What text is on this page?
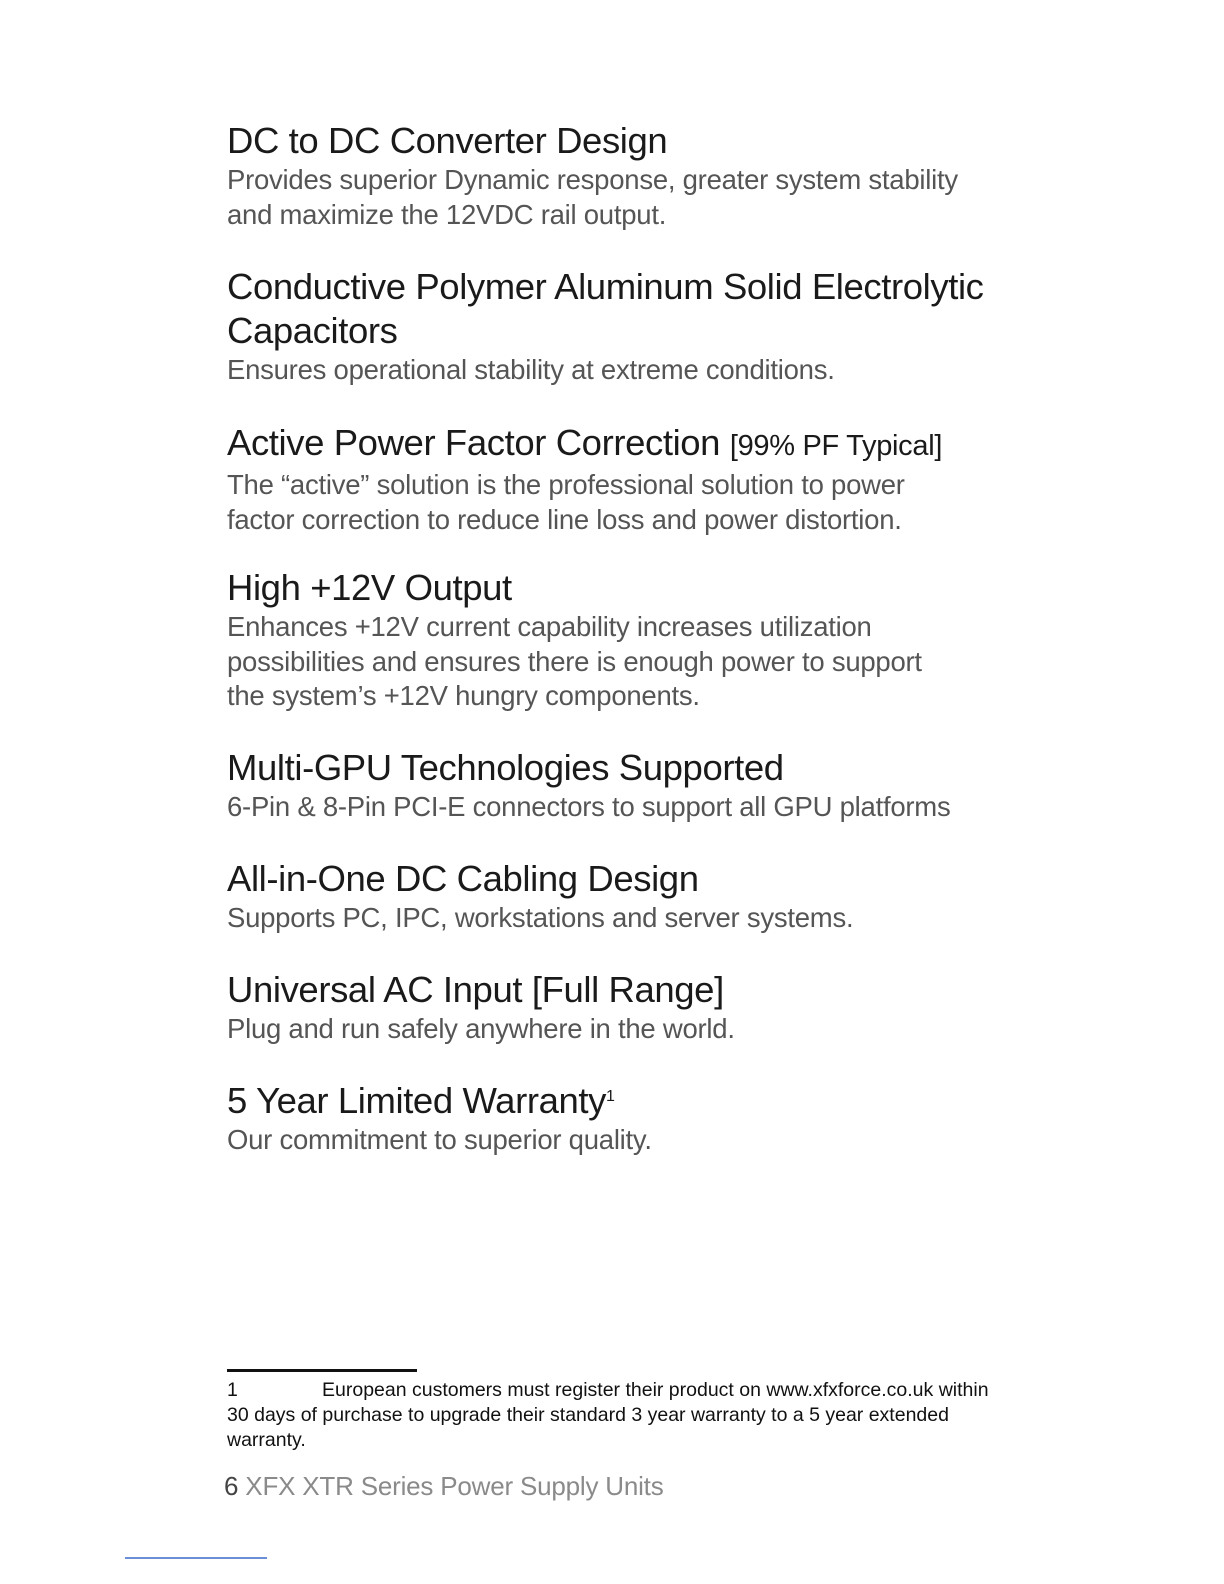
DC to DC Converter Design

Provides superior Dynamic response, greater system stability
and maximize the 12VDC rail output.

Conductive Polymer Aluminum Solid Electrolytic Capacitors

Ensures operational stability at extreme conditions.

Active Power Factor Correction [99% PF Typical]

The “active” solution is the professional solution to power
factor correction to reduce line loss and power distortion.

High +12V Output

Enhances +12V current capability increases utilization
possibilities and ensures there is enough power to support
the system’s +12V hungry components.

Multi-GPU Technologies Supported

6-Pin & 8-Pin PCI-E connectors to support all GPU platforms

All-in-One DC Cabling Design

Supports PC, IPC, workstations and server systems.

Universal AC Input [Full Range]

Plug and run safely anywhere in the world.

5 Year Limited Warranty$^1$

Our commitment to superior quality.

1	European customers must register their product on www.xfxforce.co.uk within 30 days of purchase to upgrade their standard 3 year warranty to a 5 year extended warranty.
6 XFX XTR Series Power Supply Units
